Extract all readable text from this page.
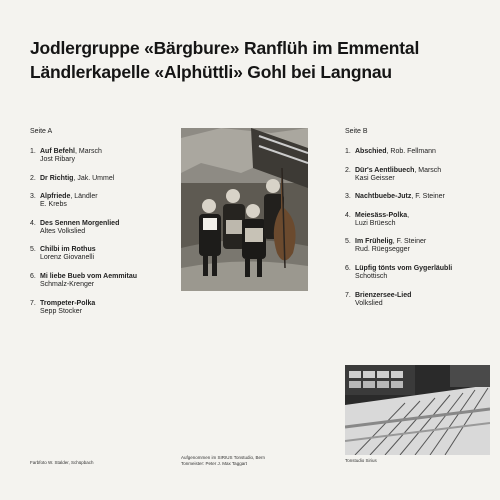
Jodlergruppe «Bärgbure» Ranflüh im Emmental
Ländlerkapelle «Alphüttli» Gohl bei Langnau
Seite A
1. Auf Befehl, Marsch
Jost Ribary
2. Dr Richtig, Jak. Ummel
3. Alpfriede, Ländler
E. Krebs
4. Des Sennen Morgenlied
Altes Volkslied
5. Chilbi im Rothus
Lorenz Giovanelli
6. Mi liebe Bueb vom Aemmitau
Schmalz-Krenger
7. Trompeter-Polka
Sepp Stocker
Seite B
1. Abschied, Rob. Fellmann
2. Dür's Aentlibuech, Marsch
Kasi Geisser
3. Nachtbuebe-Jutz, F. Steiner
4. Meiesäss-Polka,
Luzi Brüesch
5. Im Frühelig, F. Steiner
Rud. Rüegsegger
6. Lüpfig tönts vom Gygerläubli
Schottisch
7. Brienzersee-Lied
Volkslied
Farbfoto W. Stalder, Schüpbach
Aufgenommen im SIRIUS Tonstudio, Bern
Tonmeister: Peter J. Max Taggart
Tonstudio Sirius
